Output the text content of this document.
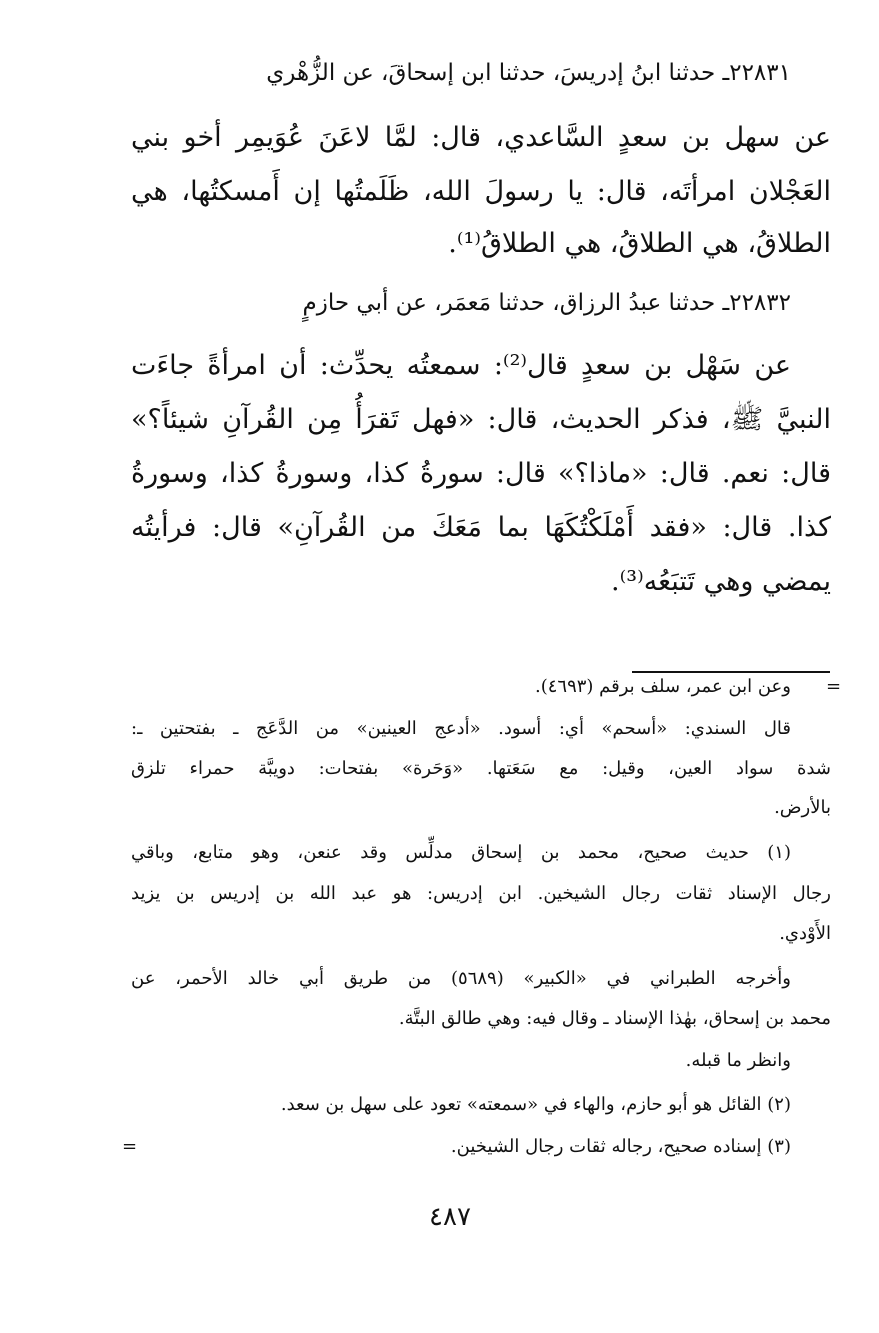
٢٢٨٣١ـ حدثنا ابنُ إدريسَ، حدثنا ابن إسحاقَ، عن الزُّهْري
عن سهل بن سعدٍ السَّاعدي، قال: لمَّا لاعَنَ عُوَيمِر أخو بني
العَجْلان امرأتَه، قال: يا رسولَ الله، ظَلَمتُها إن أَمسكتُها، هي
الطلاقُ، هي الطلاقُ، هي الطلاقُ⁽¹⁾.
٢٢٨٣٢ـ حدثنا عبدُ الرزاق، حدثنا مَعمَر، عن أبي حازمٍ
عن سَهْل بن سعدٍ قال⁽²⁾: سمعتُه يحدِّث: أن امرأةً جاءَت
النبيَّ ﷺ، فذكر الحديث، قال: «فهل تَقرَأُ مِن القُرآنِ شيئاً؟»
قال: نعم. قال: «ماذا؟» قال: سورةُ كذا، وسورةُ كذا، وسورةُ
كذا. قال: «فقد أَمْلَكْتُكَهَا بما مَعَكَ من القُرآنِ» قال: فرأيتُه
يمضي وهي تَتبَعُه⁽³⁾.
=
وعن ابن عمر، سلف برقم (٤٦٩٣).
قال السندي: «أسحم» أي: أسود. «أدعج العينين» من الدَّعَج ـ بفتحتين ـ:
شدة سواد العين، وقيل: مع سَعَتها. «وَحَرة» بفتحات: دويبَّة حمراء تلزق
بالأرض.
(١) حديث صحيح، محمد بن إسحاق مدلِّس وقد عنعن، وهو متابع، وباقي
رجال الإسناد ثقات رجال الشيخين. ابن إدريس: هو عبد الله بن إدريس بن يزيد
الأَوْدي.
وأخرجه الطبراني في «الكبير» (٥٦٨٩) من طريق أبي خالد الأحمر، عن
محمد بن إسحاق، بهٰذا الإسناد ـ وقال فيه: وهي طالق البتَّة.
وانظر ما قبله.
(٢) القائل هو أبو حازم، والهاء في «سمعته» تعود على سهل بن سعد.
(٣) إسناده صحيح، رجاله ثقات رجال الشيخين.
=
٤٨٧
